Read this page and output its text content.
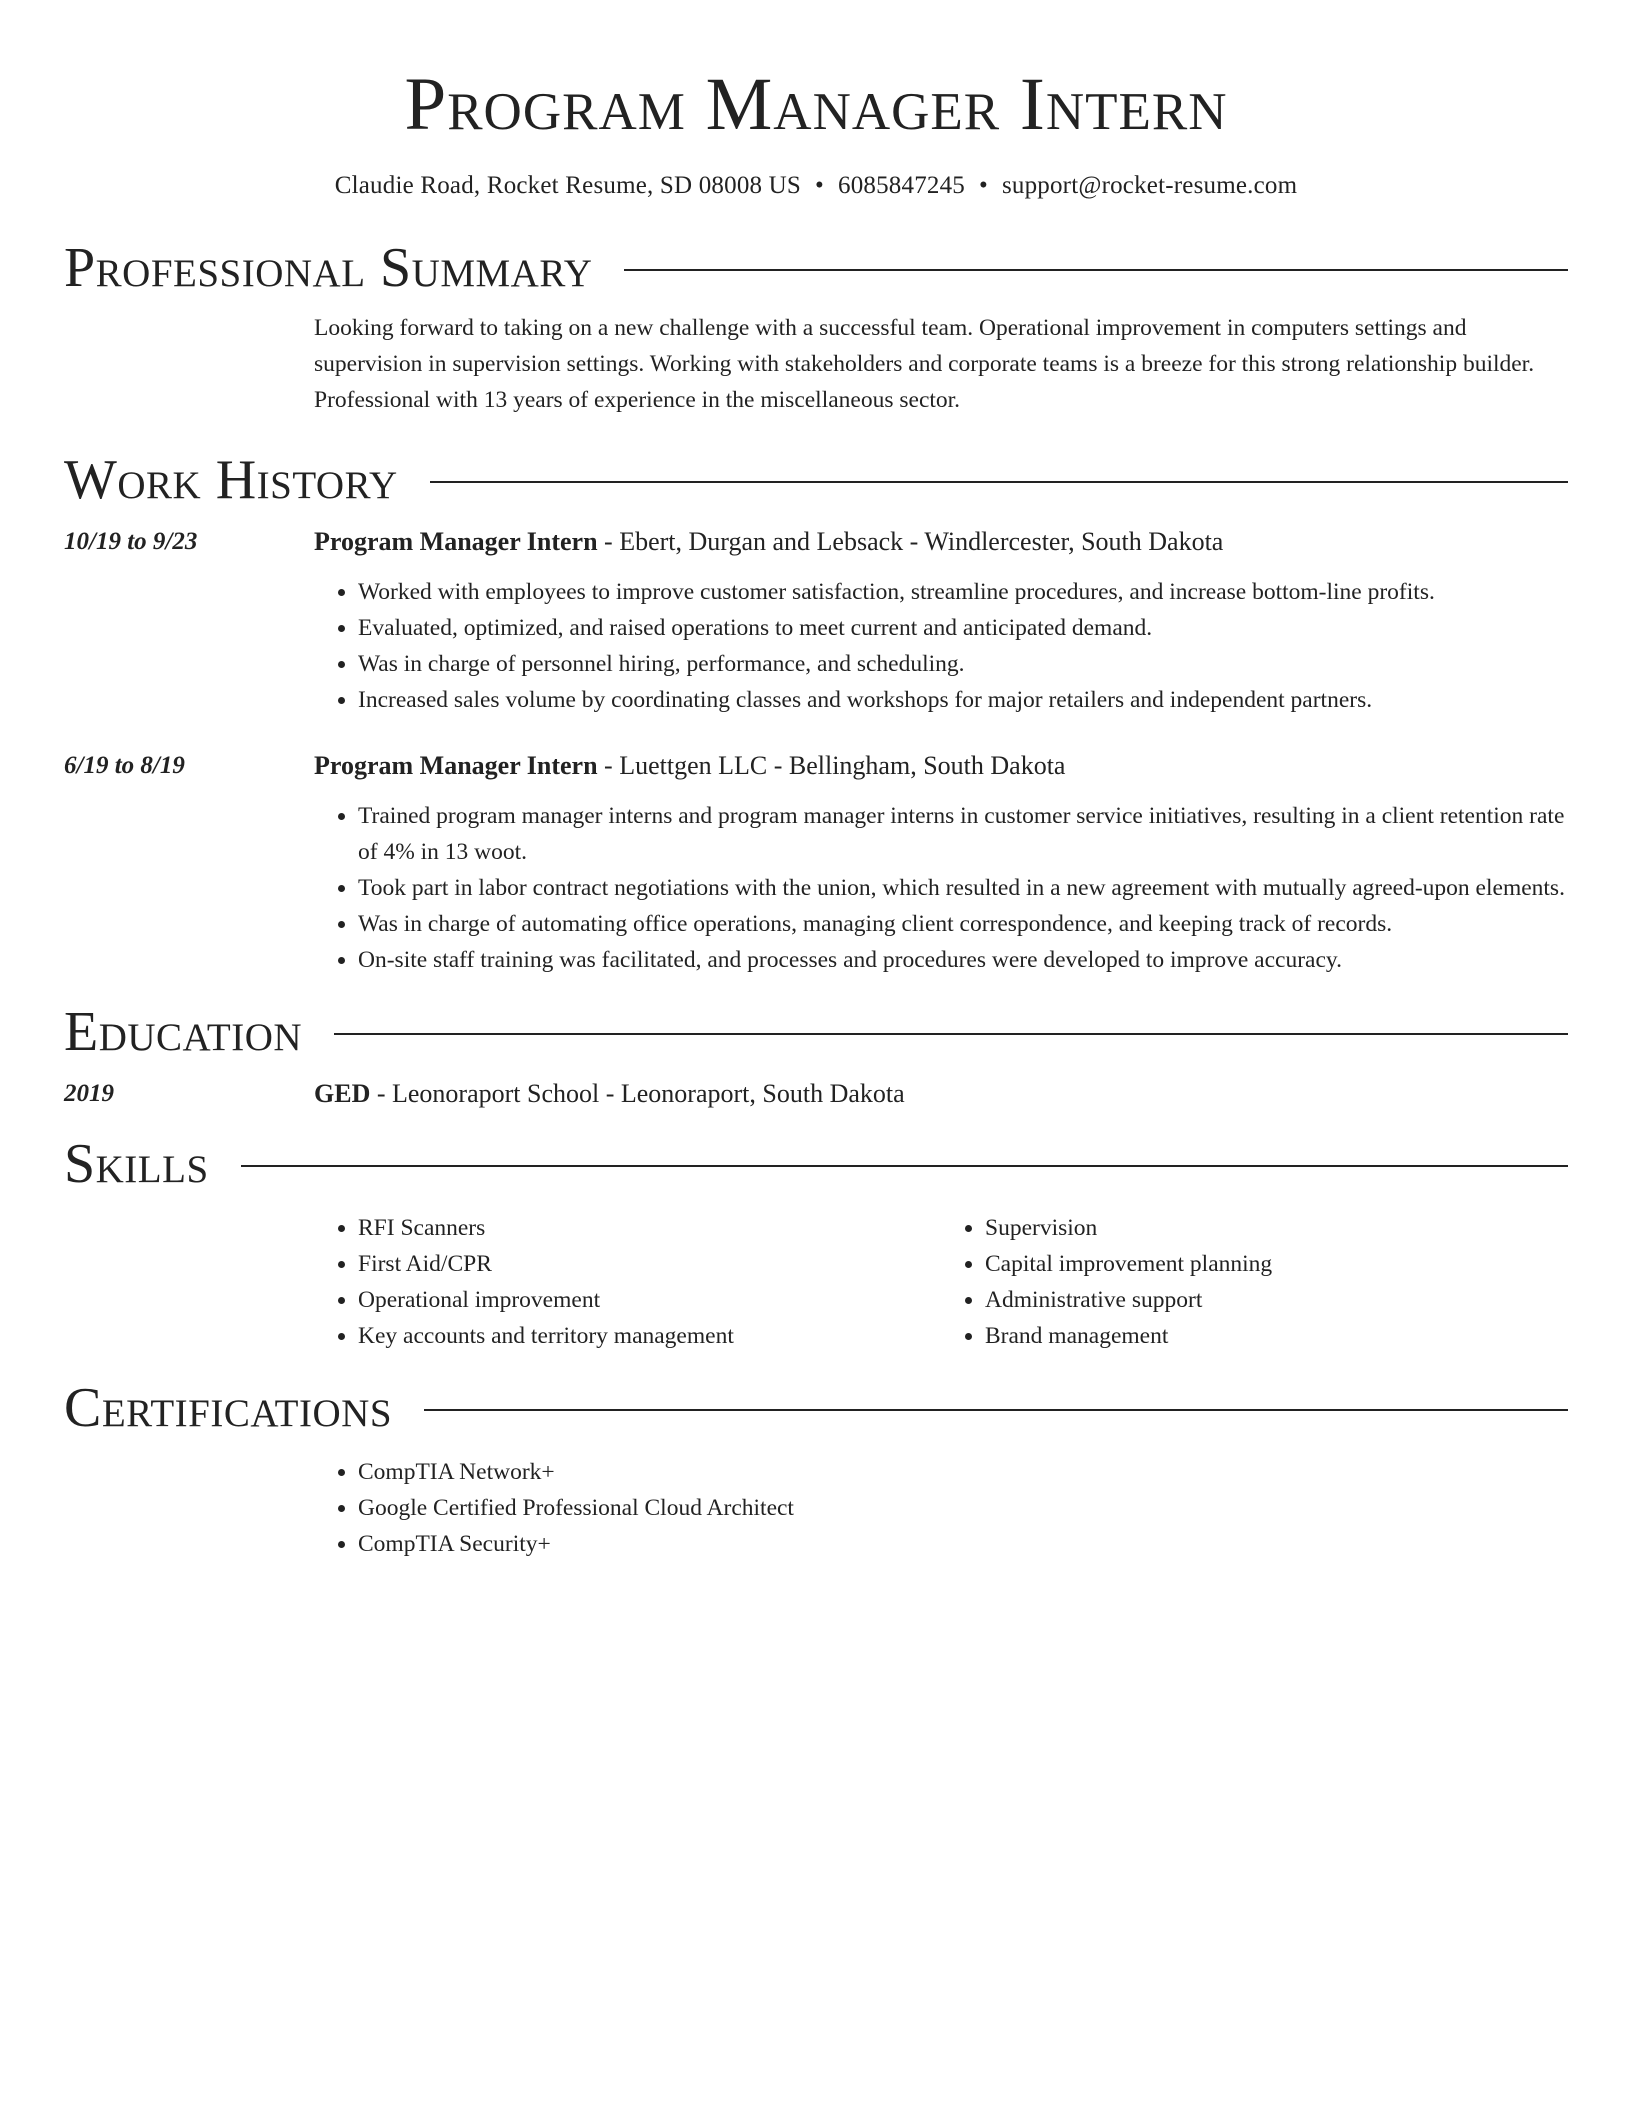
Program Manager Intern
Claudie Road, Rocket Resume, SD 08008 US • 6085847245 • support@rocket-resume.com
Professional Summary

Looking forward to taking on a new challenge with a successful team. Operational improvement in computers settings and supervision in supervision settings. Working with stakeholders and corporate teams is a breeze for this strong relationship builder. Professional with 13 years of experience in the miscellaneous sector.

Work History
10/19 to 9/23	Program Manager Intern - Ebert, Durgan and Lebsack - Windlercester, South Dakota
• Worked with employees to improve customer satisfaction, streamline procedures, and increase bottom-line profits.
• Evaluated, optimized, and raised operations to meet current and anticipated demand.
• Was in charge of personnel hiring, performance, and scheduling.
• Increased sales volume by coordinating classes and workshops for major retailers and independent partners.
6/19 to 8/19	Program Manager Intern - Luettgen LLC - Bellingham, South Dakota
• Trained program manager interns and program manager interns in customer service initiatives, resulting in a client retention rate of 4% in 13 woot.
• Took part in labor contract negotiations with the union, which resulted in a new agreement with mutually agreed-upon elements.
• Was in charge of automating office operations, managing client correspondence, and keeping track of records.
• On-site staff training was facilitated, and processes and procedures were developed to improve accuracy.
Education
2019	GED - Leonoraport School - Leonoraport, South Dakota
Skills
• RFI Scanners
• First Aid/CPR
• Operational improvement
• Key accounts and territory management
• Supervision
• Capital improvement planning
• Administrative support
• Brand management
Certifications
• CompTIA Network+
• Google Certified Professional Cloud Architect
• CompTIA Security+
